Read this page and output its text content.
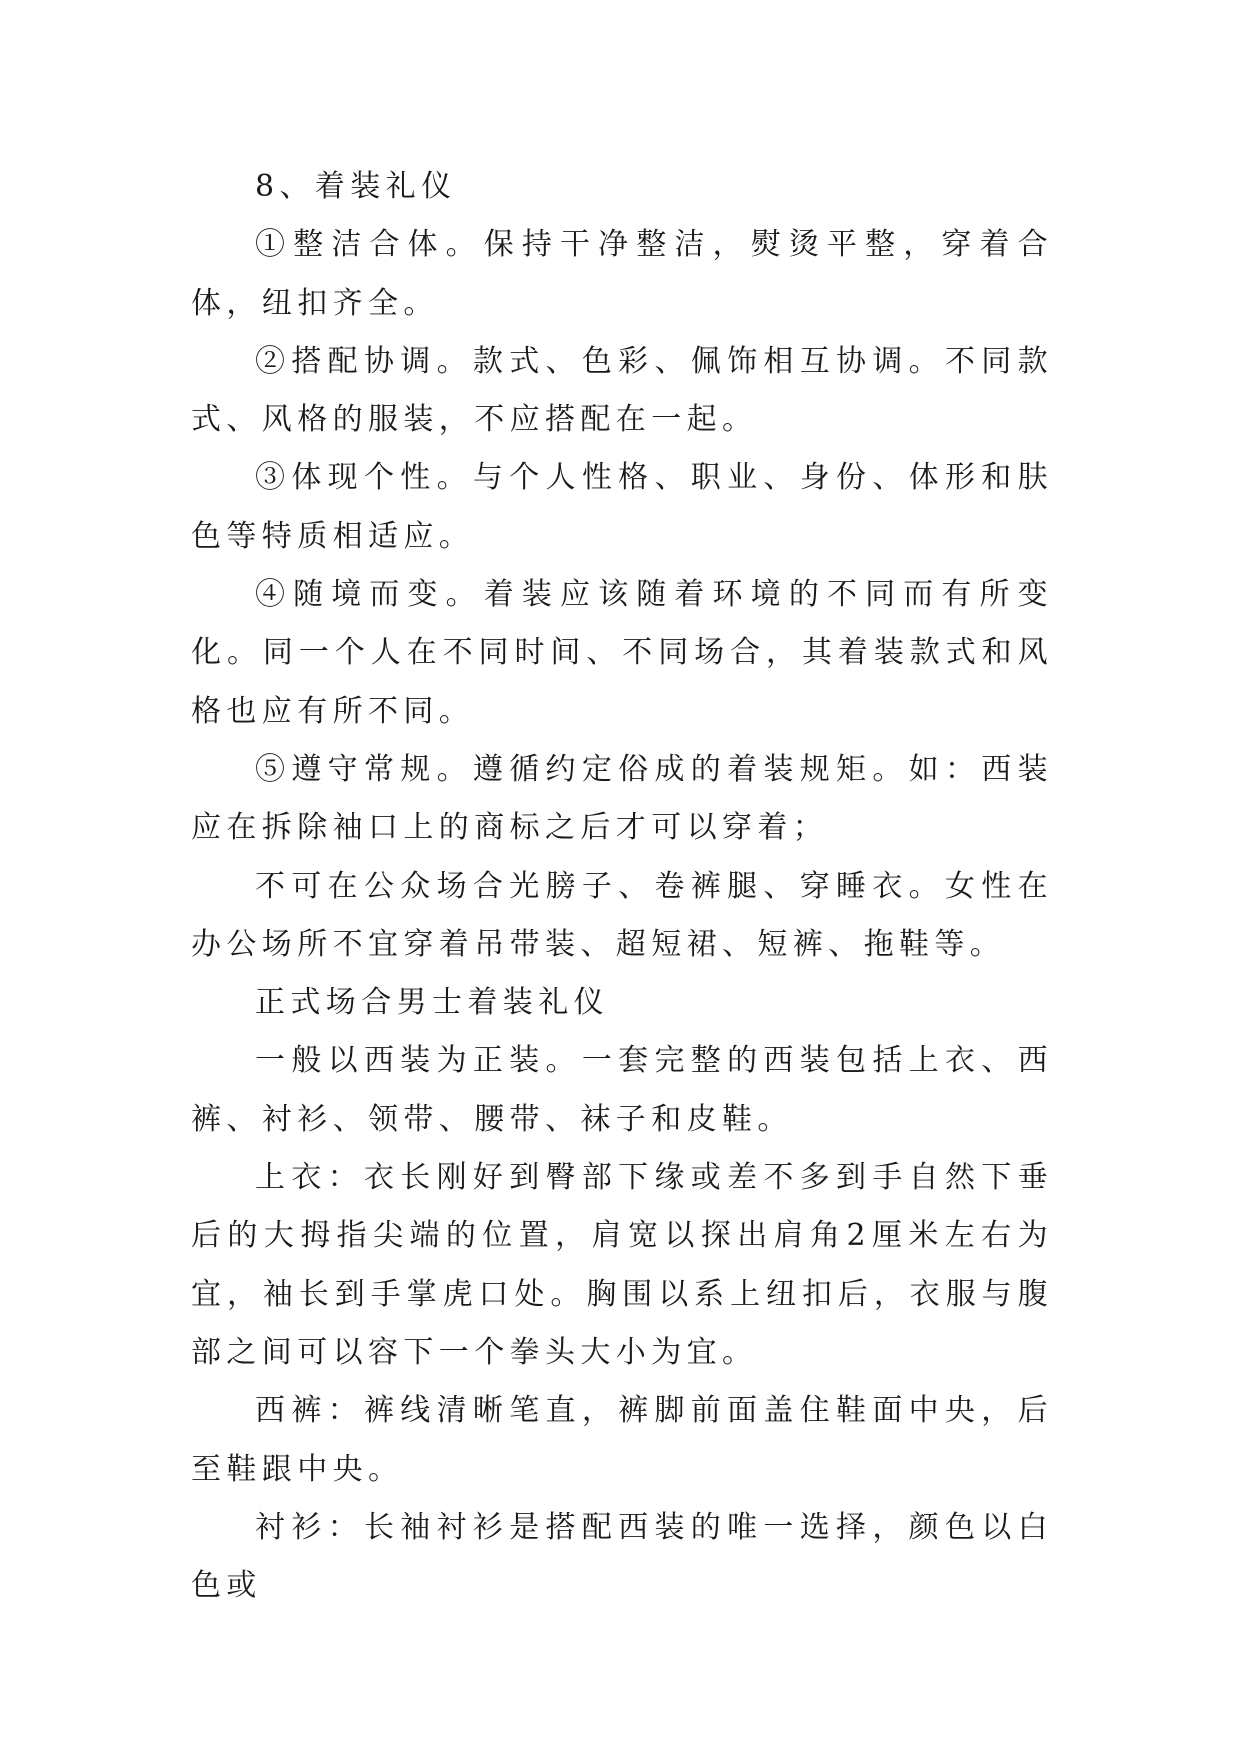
8、着装礼仪

①整洁合体。保持干净整洁，熨烫平整，穿着合体，纽扣齐全。

②搭配协调。款式、色彩、佩饰相互协调。不同款式、风格的服装，不应搭配在一起。

③体现个性。与个人性格、职业、身份、体形和肤色等特质相适应。

④随境而变。着装应该随着环境的不同而有所变化。同一个人在不同时间、不同场合，其着装款式和风格也应有所不同。

⑤遵守常规。遵循约定俗成的着装规矩。如：西装应在拆除袖口上的商标之后才可以穿着；

不可在公众场合光膀子、卷裤腿、穿睡衣。女性在办公场所不宜穿着吊带装、超短裙、短裤、拖鞋等。

正式场合男士着装礼仪

一般以西装为正装。一套完整的西装包括上衣、西裤、衬衫、领带、腰带、袜子和皮鞋。

上衣：衣长刚好到臀部下缘或差不多到手自然下垂后的大拇指尖端的位置，肩宽以探出肩角2厘米左右为宜，袖长到手掌虎口处。胸围以系上纽扣后，衣服与腹部之间可以容下一个拳头大小为宜。

西裤：裤线清晰笔直，裤脚前面盖住鞋面中央，后至鞋跟中央。

衬衫：长袖衬衫是搭配西装的唯一选择，颜色以白色或
